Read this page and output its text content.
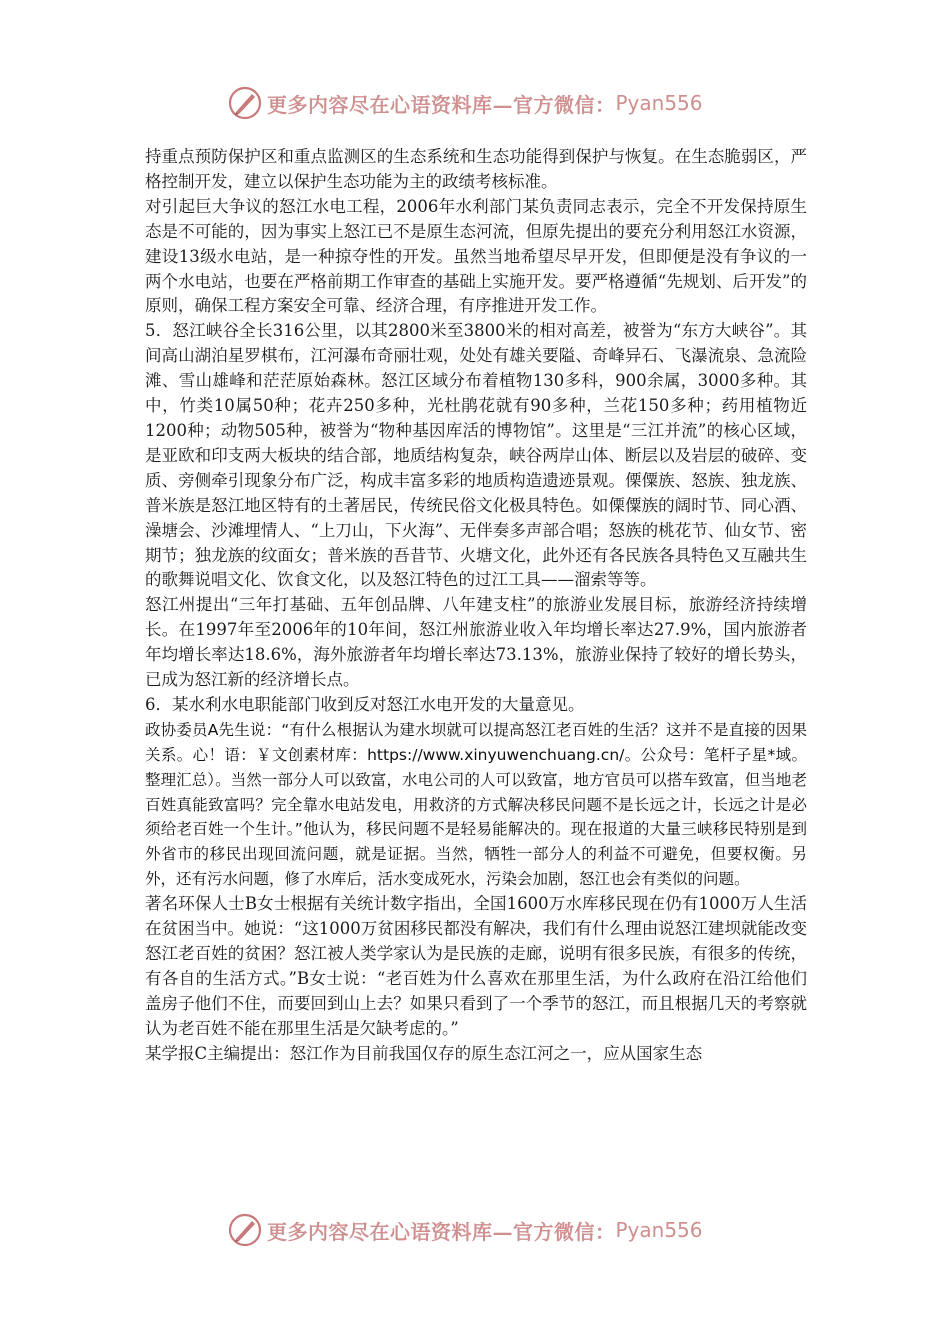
更多内容尽在心语资料库—官方微信： Pyan556

持重点预防保护区和重点监测区的生态系统和生态功能得到保护与恢复。在生态脆弱区，严格控制开发，建立以保护生态功能为主的政绩考核标准。

对引起巨大争议的怒江水电工程，2006年水利部门某负责同志表示，完全不开发保持原生态是不可能的，因为事实上怒江已不是原生态河流，但原先提出的要充分利用怒江水资源，建设13级水电站，是一种掠夺性的开发。虽然当地希望尽早开发，但即便是没有争议的一两个水电站，也要在严格前期工作审查的基础上实施开发。要严格遵循“先规划、后开发”的原则，确保工程方案安全可靠、经济合理，有序推进开发工作。

5．怒江峡谷全长316公里，以其2800米至3800米的相对高差，被誉为“东方大峡谷”。其间高山湖泊星罗棋布，江河瀑布奇丽壮观，处处有雄关要隘、奇峰异石、飞瀑流泉、急流险滩、雪山雄峰和茫茫原始森林。怒江区域分布着植物130多科，900余属，3000多种。其中，竹类10属50种；花卉250多种，光杜鹃花就有90多种，兰花150多种；药用植物近1200种；动物505种，被誉为“物种基因库活的博物馆”。这里是“三江并流”的核心区域，是亚欧和印支两大板块的结合部，地质结构复杂，峡谷两岸山体、断层以及岩层的破碎、变质、旁侧牵引现象分布广泛，构成丰富多彩的地质构造遗迹景观。傈僳族、怒族、独龙族、普米族是怒江地区特有的土著居民，传统民俗文化极具特色。如傈僳族的阔时节、同心酒、澡塘会、沙滩埋情人、“上刀山，下火海”、无伴奏多声部合唱；怒族的桃花节、仙女节、密期节；独龙族的纹面女；普米族的吾昔节、火塘文化，此外还有各民族各具特色又互融共生的歌舞说唱文化、饮食文化，以及怒江特色的过江工具——溜索等等。

怒江州提出“三年打基础、五年创品牌、八年建支柱”的旅游业发展目标，旅游经济持续增长。在1997年至2006年的10年间，怒江州旅游业收入年均增长率达27.9%，国内旅游者年均增长率达18.6%，海外旅游者年均增长率达73.13%，旅游业保持了较好的增长势头，已成为怒江新的经济增长点。

6．某水利水电职能部门收到反对怒江水电开发的大量意见。

政协委员A先生说：“有什么根据认为建水坝就可以提高怒江老百姓的生活？这并不是直接的因果关系。心！语：￥文创素材库：https://www.xinyuwenchuang.cn/。公众号：笔杆子星*域。整理汇总）。当然一部分人可以致富，水电公司的人可以致富，地方官员可以搭车致富，但当地老百姓真能致富吗？完全靠水电站发电，用救济的方式解决移民问题不是长远之计，长远之计是必须给老百姓一个生计。”他认为，移民问题不是轻易能解决的。现在报道的大量三峡移民特别是到外省市的移民出现回流问题，就是证据。当然，牺牲一部分人的利益不可避免，但要权衡。另外，还有污水问题，修了水库后，活水变成死水，污染会加剧，怒江也会有类似的问题。

著名环保人士B女士根据有关统计数字指出，全国1600万水库移民现在仍有1000万人生活在贫困当中。她说：“这1000万贫困移民都没有解决，我们有什么理由说怒江建坝就能改变怒江老百姓的贫困？怒江被人类学家认为是民族的走廊，说明有很多民族，有很多的传统，有各自的生活方式。”B女士说：“老百姓为什么喜欢在那里生活，为什么政府在沿江给他们盖房子他们不住，而要回到山上去？如果只看到了一个季节的怒江，而且根据几天的考察就认为老百姓不能在那里生活是欠缺考虑的。”

某学报C主编提出：怒江作为目前我国仅存的原生态江河之一，应从国家生态

更多内容尽在心语资料库—官方微信： Pyan556
